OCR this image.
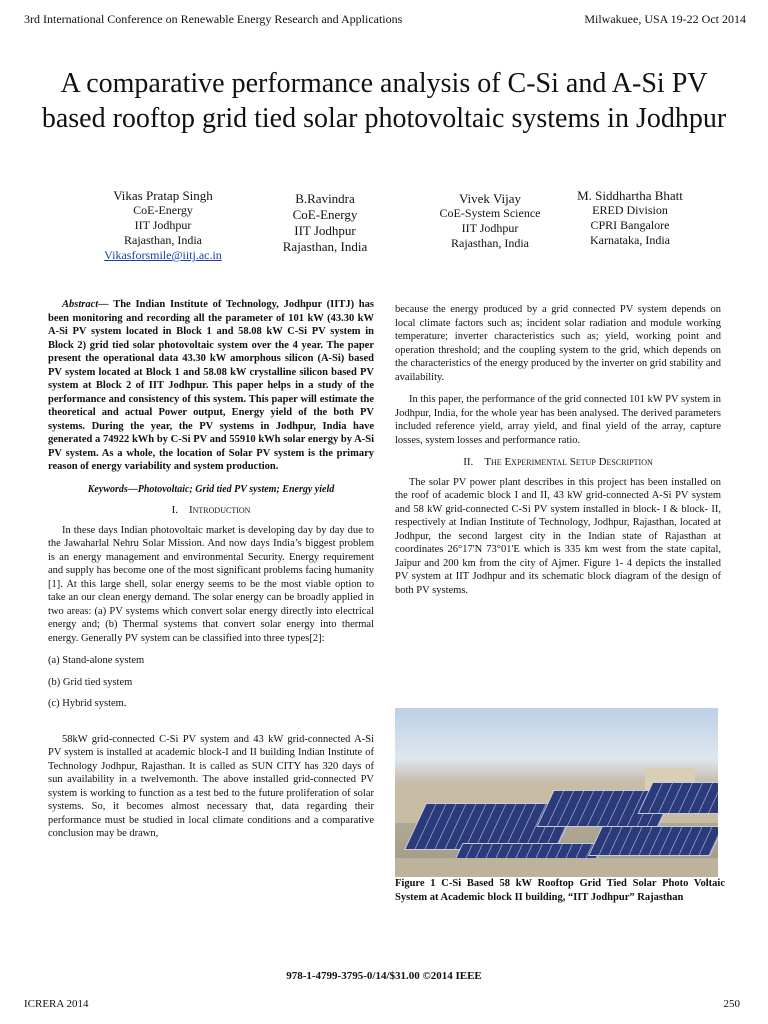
3rd International Conference on Renewable Energy Research and Applications	Milwakuee, USA 19-22 Oct 2014
A comparative performance analysis of C-Si and A-Si PV based rooftop grid tied solar photovoltaic systems in Jodhpur
Vikas Pratap Singh
CoE-Energy
IIT Jodhpur
Rajasthan, India
Vikasforsmile@iitj.ac.in
B.Ravindra
CoE-Energy
IIT Jodhpur
Rajasthan, India
Vivek Vijay
CoE-System Science
IIT Jodhpur
Rajasthan, India
M. Siddhartha Bhatt
ERED Division
CPRI Bangalore
Karnataka, India

Abstract— The Indian Institute of Technology, Jodhpur (IITJ) has been monitoring and recording all the parameter of 101 kW (43.30 kW A-Si PV system located in Block 1 and 58.08 kW C-Si PV system in Block 2) grid tied solar photovoltaic system over the 4 year. The paper present the operational data 43.30 kW amorphous silicon (A-Si) based PV system located at Block 1 and 58.08 kW crystalline silicon based PV system at Block 2 of IIT Jodhpur. This paper helps in a study of the performance and consistency of this system. This paper will estimate the theoretical and actual Power output, Energy yield of the both PV systems. During the year, the PV systems in Jodhpur, India have generated a 74922 kWh by C-Si PV and 55910 kWh solar energy by A-Si PV system. As a whole, the location of Solar PV system is the primary reason of energy variability and system production.

Keywords—Photovoltaic; Grid tied PV system; Energy yield
I. Introduction

In these days Indian photovoltaic market is developing day by day due to the Jawaharlal Nehru Solar Mission. And now days India’s biggest problem is an energy management and environmental Security. Energy requirement and supply has become one of the most significant problems facing humanity [1]. At this large shell, solar energy seems to be the most viable option to take an our clean energy demand. The solar energy can be broadly applied in two areas: (a) PV systems which convert solar energy directly into electrical energy and; (b) Thermal systems that convert solar energy into thermal energy. Generally PV system can be classified into three types[2]:

(a) Stand-alone system
(b) Grid tied system
(c) Hybrid system.

58kW grid-connected C-Si PV system and 43 kW grid-connected A-Si PV system is installed at academic block-I and II building Indian Institute of Technology Jodhpur, Rajasthan. It is called as SUN CITY has 320 days of sun availability in a twelvemonth. The above installed grid-connected PV system is working to function as a test bed to the future proliferation of solar systems. So, it becomes almost necessary that, data regarding their performance must be studied in local climate conditions and a comparative conclusion may be drawn,

because the energy produced by a grid connected PV system depends on local climate factors such as; incident solar radiation and module working temperature; inverter characteristics such as; yield, working point and operation threshold; and the coupling system to the grid, which depends on the characteristics of the energy produced by the inverter on grid stability and availability.

In this paper, the performance of the grid connected 101 kW PV system in Jodhpur, India, for the whole year has been analysed. The derived parameters included reference yield, array yield, and final yield of the array, capture losses, system losses and performance ratio.

II. The Experimental Setup Description

The solar PV power plant describes in this project has been installed on the roof of academic block I and II, 43 kW grid-connected A-Si PV system and 58 kW grid-connected C-Si PV system installed in block- I & block- II, respectively at Indian Institute of Technology, Jodhpur, Rajasthan, located at Jodhpur, the second largest city in the Indian state of Rajasthan at coordinates 26°17'N 73°01'E which is 335 km west from the state capital, Jaipur and 200 km from the city of Ajmer. Figure 1- 4 depicts the installed PV system at IIT Jodhpur and its schematic block diagram of the design of both PV systems.

Figure 1 C-Si Based 58 kW Rooftop Grid Tied Solar Photo Voltaic System at Academic block II building, “IIT Jodhpur” Rajasthan
978-1-4799-3795-0/14/$31.00 ©2014 IEEE
ICRERA 2014	250
